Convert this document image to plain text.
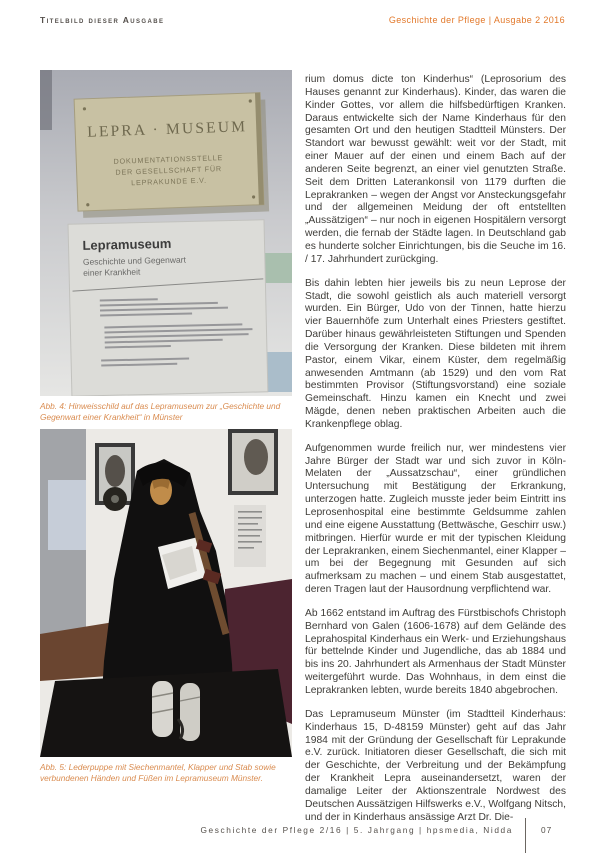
Titelbild dieser Ausgabe	Geschichte der Pflege | Ausgabe 2 2016
LEPRA · MUSEUM
DOKUMENTATIONSSTELLE
DER GESELLSCHAFT FÜR
LEPRAKUNDE E.V.
Lepramuseum
Geschichte und Gegenwart
einer Krankheit
Abb. 4: Hinweisschild auf das Lepramuseum zur „Geschichte und Gegenwart einer Krankheit“ in Münster
Abb. 5: Lederpuppe mit Siechenmantel, Klapper und Stab sowie verbundenen Händen und Füßen im Lepramuseum Münster.

rium domus dicte ton Kinderhus“ (Leprosorium des Hauses genannt zur Kinderhaus). Kinder, das waren die Kinder Gottes, vor allem die hilfsbedürftigen Kranken. Daraus entwickelte sich der Name Kinderhaus für den gesamten Ort und den heutigen Stadtteil Münsters. Der Standort war bewusst gewählt: weit vor der Stadt, mit einer Mauer auf der einen und einem Bach auf der anderen Seite begrenzt, an einer viel genutzten Straße. Seit dem Dritten Laterankonsil von 1179 durften die Leprakranken – wegen der Angst vor Ansteckungsgefahr und der allgemeinen Meidung der oft entstellten „Aussätzigen“ – nur noch in eigenen Hospitälern versorgt werden, die fernab der Städte lagen. In Deutschland gab es hunderte solcher Einrichtungen, bis die Seuche im 16. / 17. Jahrhundert zurückging.

Bis dahin lebten hier jeweils bis zu neun Leprose der Stadt, die sowohl geistlich als auch materiell versorgt wurden. Ein Bürger, Udo von der Tinnen, hatte hierzu vier Bauernhöfe zum Unterhalt eines Priesters gestiftet. Darüber hinaus gewährleisteten Stiftungen und Spenden die Versorgung der Kranken. Diese bildeten mit ihrem Pastor, einem Vikar, einem Küster, dem regelmäßig anwesenden Amtmann (ab 1529) und den vom Rat bestimmten Provisor (Stiftungsvorstand) eine soziale Gemeinschaft. Hinzu kamen ein Knecht und zwei Mägde, denen neben praktischen Arbeiten auch die Krankenpflege oblag.

Aufgenommen wurde freilich nur, wer mindestens vier Jahre Bürger der Stadt war und sich zuvor in Köln-Melaten der „Aussatzschau“, einer gründlichen Untersuchung mit Bestätigung der Erkrankung, unterzogen hatte. Zugleich musste jeder beim Eintritt ins Leprosenhospital eine bestimmte Geldsumme zahlen und eine eigene Ausstattung (Bettwäsche, Geschirr usw.) mitbringen. Hierfür wurde er mit der typischen Kleidung der Leprakranken, einem Siechenmantel, einer Klapper – um bei der Begegnung mit Gesunden auf sich aufmerksam zu machen – und einem Stab ausgestattet, deren Tragen laut der Hausordnung verpflichtend war.

Ab 1662 entstand im Auftrag des Fürstbischofs Christoph Bernhard von Galen (1606-1678) auf dem Gelände des Leprahospital Kinderhaus ein Werk- und Erziehungshaus für bettelnde Kinder und Jugendliche, das ab 1884 und bis ins 20. Jahrhundert als Armenhaus der Stadt Münster weitergeführt wurde. Das Wohnhaus, in dem einst die Leprakranken lebten, wurde bereits 1840 abgebrochen.

Das Lepramuseum Münster (im Stadtteil Kinderhaus: Kinderhaus 15, D-48159 Münster) geht auf das Jahr 1984 mit der Gründung der Gesellschaft für Leprakunde e.V. zurück. Initiatoren dieser Gesellschaft, die sich mit der Geschichte, der Verbreitung und der Bekämpfung der Krankheit Lepra auseinandersetzt, waren der damalige Leiter der Aktionszentrale Nordwest des Deutschen Aussätzigen Hilfswerks e.V., Wolfgang Nitsch, und der in Kinderhaus ansässige Arzt Dr. Die-

Geschichte der Pflege 2/16 | 5. Jahrgang | hpsmedia, Nidda	07
